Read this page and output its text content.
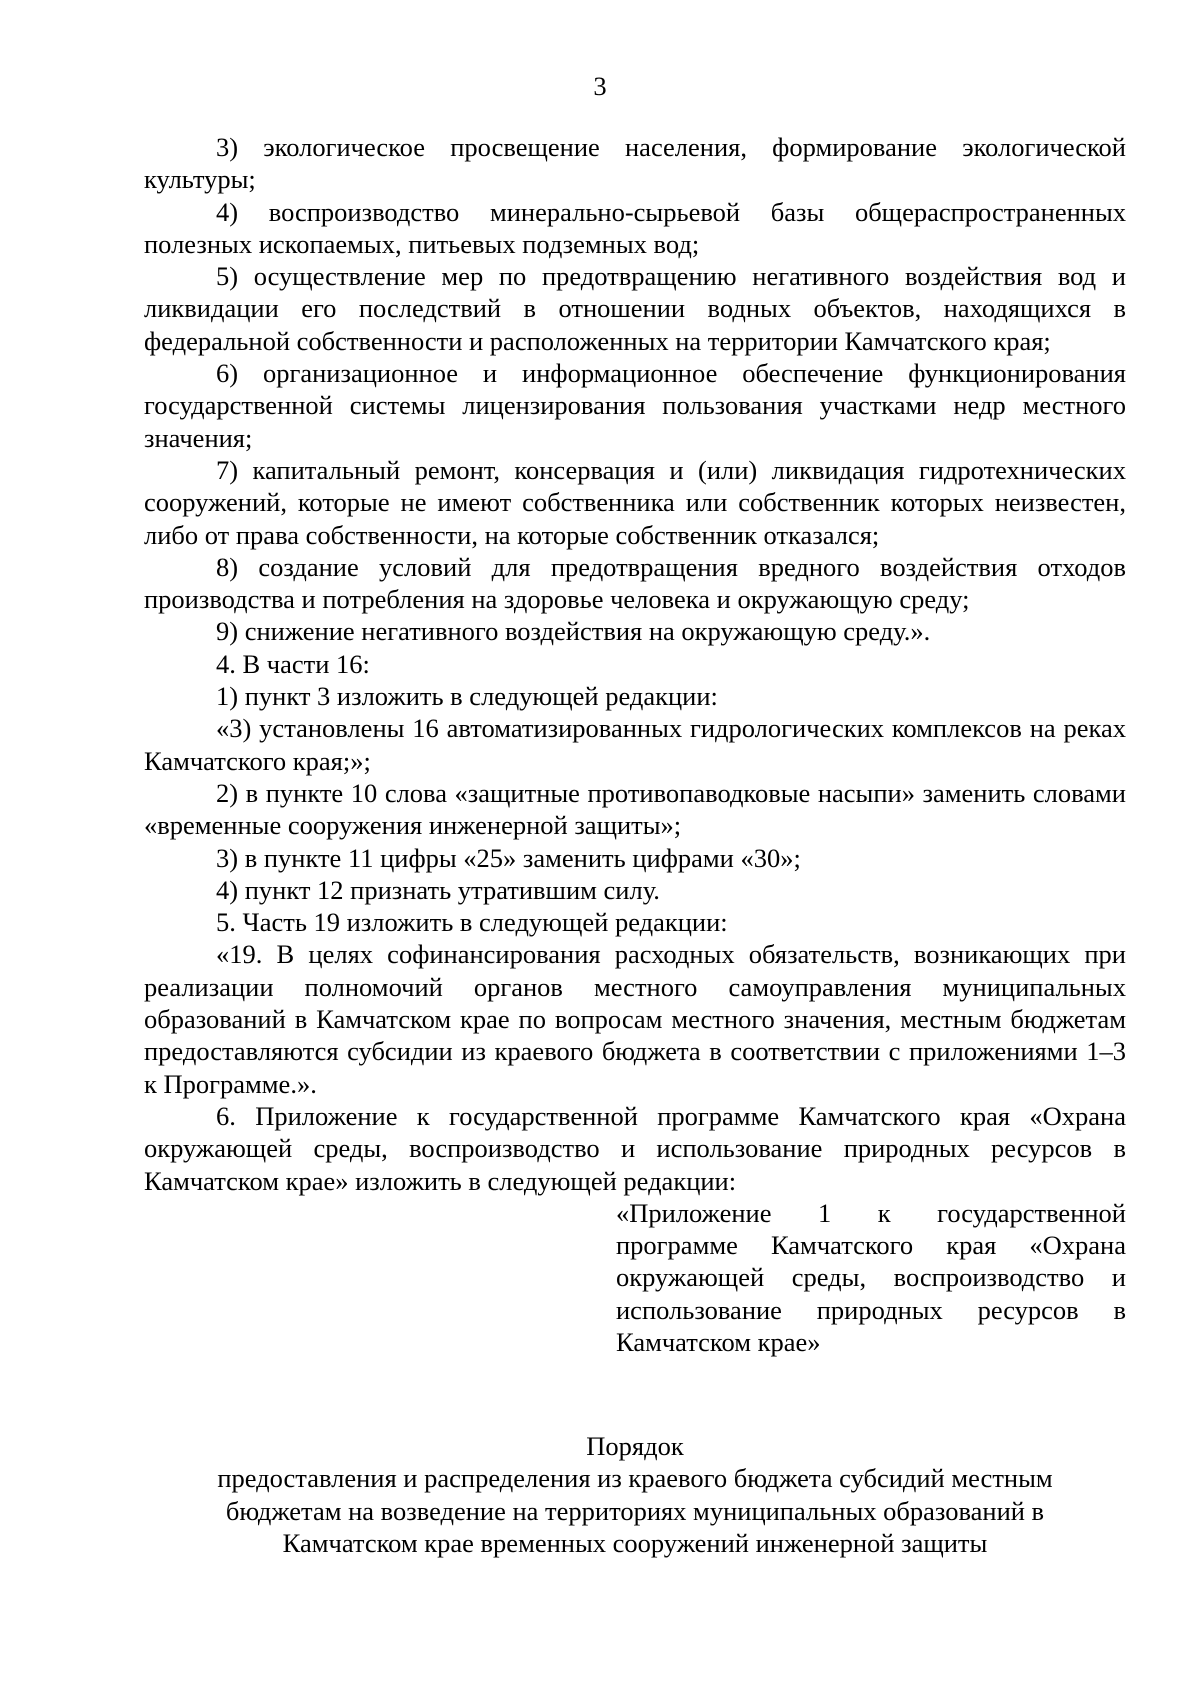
3

3) экологическое просвещение населения, формирование экологической культуры;

4) воспроизводство минерально-сырьевой базы общераспространенных полезных ископаемых, питьевых подземных вод;

5) осуществление мер по предотвращению негативного воздействия вод и ликвидации его последствий в отношении водных объектов, находящихся в федеральной собственности и расположенных на территории Камчатского края;

6) организационное и информационное обеспечение функционирования государственной системы лицензирования пользования участками недр местного значения;

7) капитальный ремонт, консервация и (или) ликвидация гидротехнических сооружений, которые не имеют собственника или собственник которых неизвестен, либо от права собственности, на которые собственник отказался;

8) создание условий для предотвращения вредного воздействия отходов производства и потребления на здоровье человека и окружающую среду;

9) снижение негативного воздействия на окружающую среду.».

4. В части 16:

1) пункт 3 изложить в следующей редакции:

«3) установлены 16 автоматизированных гидрологических комплексов на реках Камчатского края;»;

2) в пункте 10 слова «защитные противопаводковые насыпи» заменить словами «временные сооружения инженерной защиты»;

3) в пункте 11 цифры «25» заменить цифрами «30»;

4) пункт 12 признать утратившим силу.

5. Часть 19 изложить в следующей редакции:

«19. В целях софинансирования расходных обязательств, возникающих при реализации полномочий органов местного самоуправления муниципальных образований в Камчатском крае по вопросам местного значения, местным бюджетам предоставляются субсидии из краевого бюджета в соответствии с приложениями 1–3 к Программе.».

6. Приложение к государственной программе Камчатского края «Охрана окружающей среды, воспроизводство и использование природных ресурсов в Камчатском крае» изложить в следующей редакции:

«Приложение 1 к государственной программе Камчатского края «Охрана окружающей среды, воспроизводство и использование природных ресурсов в Камчатском крае»

Порядок

предоставления и распределения из краевого бюджета субсидий местным бюджетам на возведение на территориях муниципальных образований в Камчатском крае временных сооружений инженерной защиты
